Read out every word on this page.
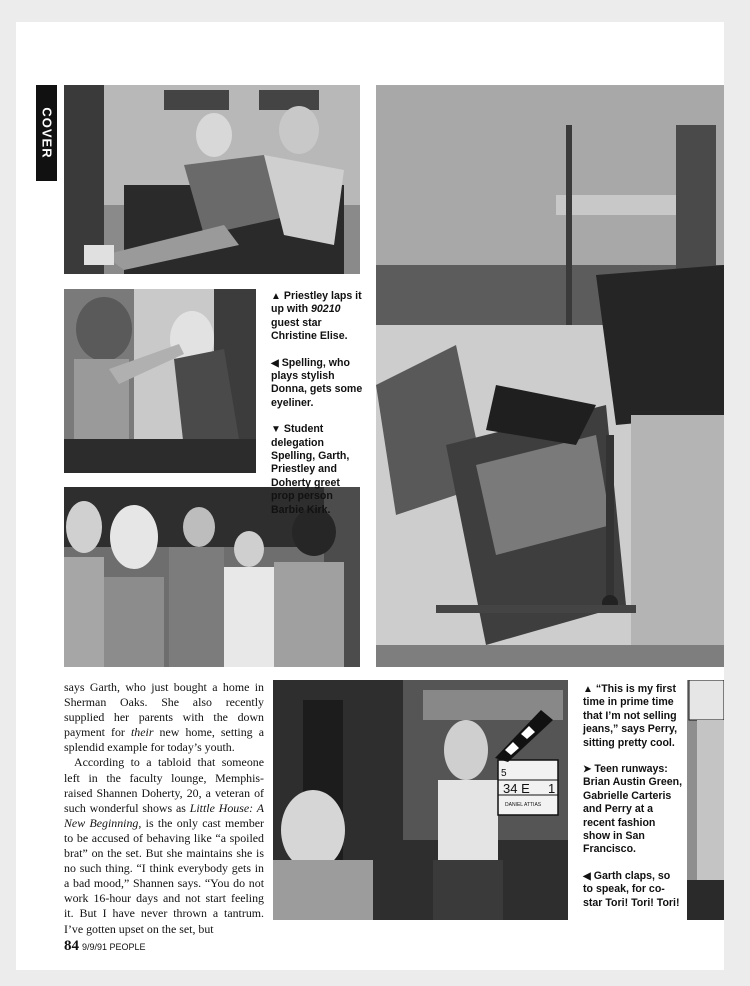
COVER
34 E 1
5
DANIEL ATTIAS

▲ Priestley laps it up with 90210 guest star Christine Elise.

◀ Spelling, who plays stylish Donna, gets some eyeliner.

▼ Student delegation Spelling, Garth, Priestley and Doherty greet prop person Barbie Kirk.

▲ “This is my first time in prime time that I’m not selling jeans,” says Perry, sitting pretty cool.

➤ Teen runways: Brian Austin Green, Gabrielle Carteris and Perry at a recent fashion show in San Francisco.

◀ Garth claps, so to speak, for co-star Tori! Tori! Tori!

says Garth, who just bought a home in Sherman Oaks. She also recently supplied her parents with the down payment for their new home, setting a splendid example for today’s youth.

According to a tabloid that someone left in the faculty lounge, Memphis-raised Shannen Doherty, 20, a veteran of such wonderful shows as Little House: A New Beginning, is the only cast member to be accused of behaving like “a spoiled brat” on the set. But she maintains she is no such thing. “I think everybody gets in a bad mood,” Shannen says. “You do not work 16-hour days and not start feeling it. But I have never thrown a tantrum. I’ve gotten upset on the set, but

84 9/9/91 PEOPLE
